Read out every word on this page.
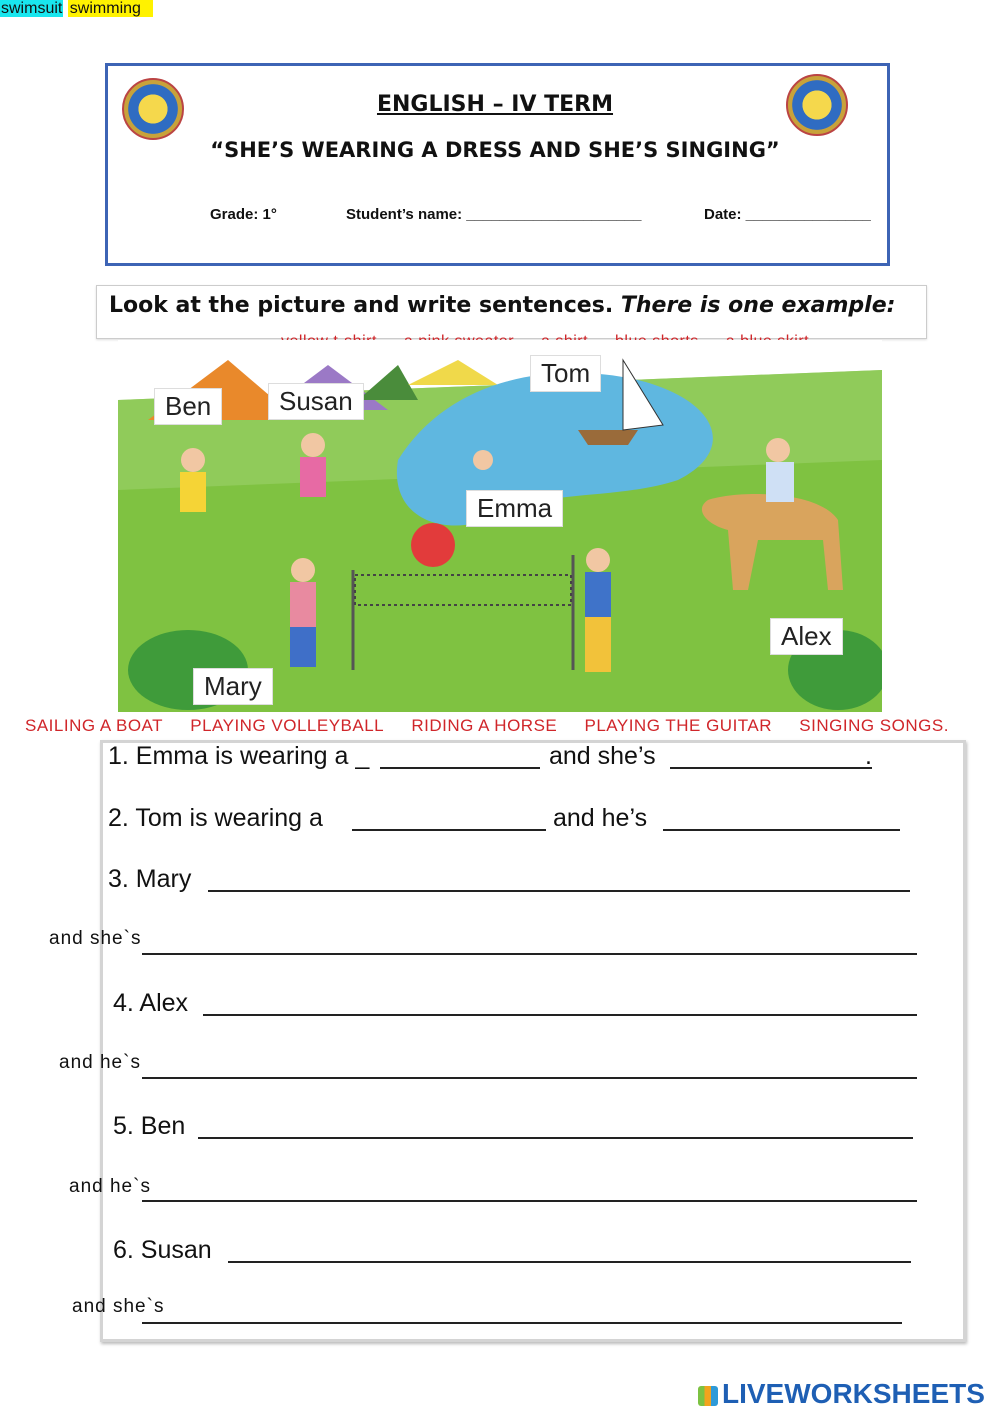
ENGLISH – IV TERM
“SHE’S WEARING A DRESS AND SHE’S SINGING”
Grade: 1°	Student’s name: _____________________	Date: _______________
Look at the picture and write sentences. There is one example:

Ben	Susan
Tom
Emma
Alex
Mary
SAILING A BOAT PLAYING VOLLEYBALL RIDING A HORSE PLAYING THE GUITAR SINGING SONGS.
1. Emma is wearing a _
swimsuit
and she’s
swimming
.
2. Tom is wearing a	and he’s
3. Mary
and she`s
4. Alex
and he`s
5. Ben
and he`s
6. Susan
and she`s
LIVEWORKSHEETS
